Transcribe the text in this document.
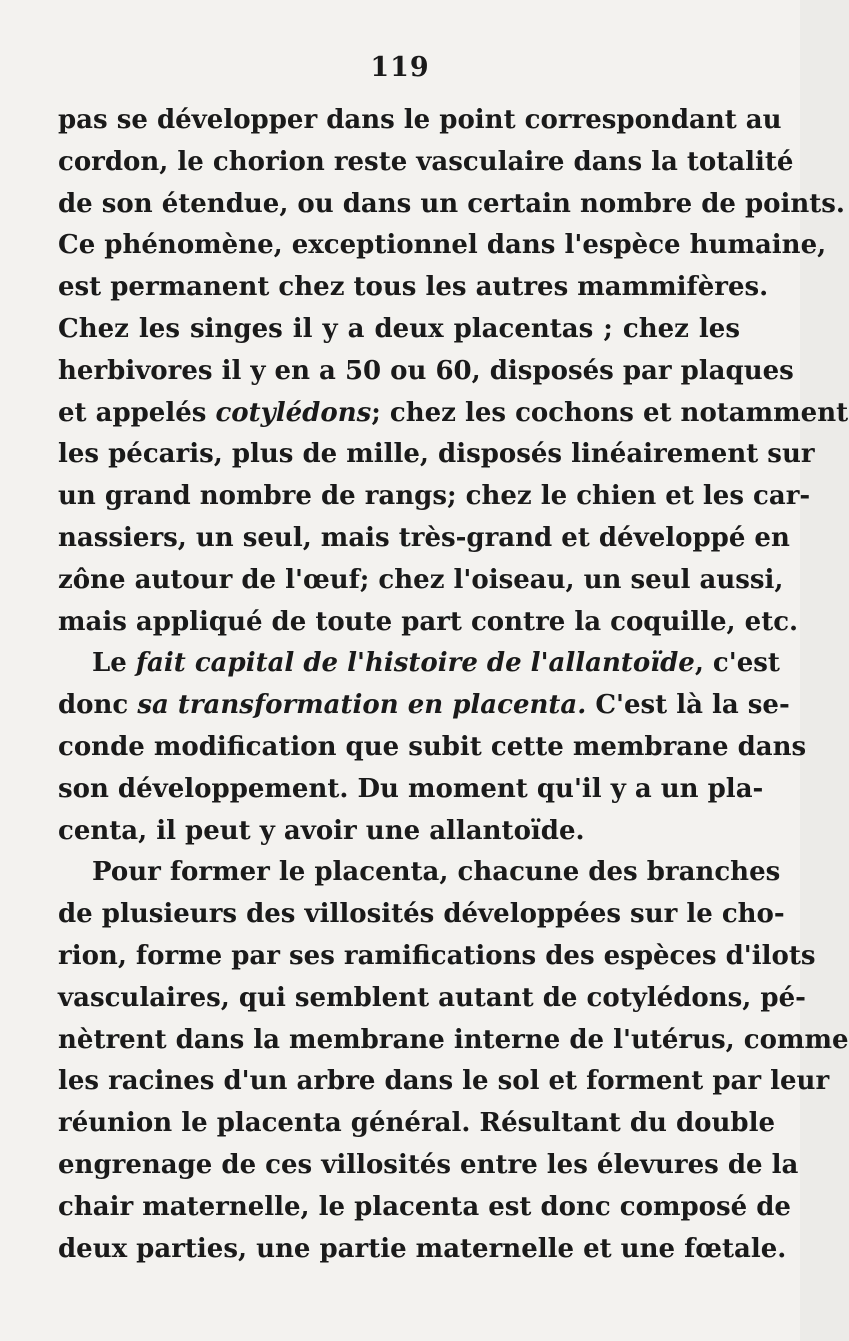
119
pas se développer dans le point correspondant au
cordon, le chorion reste vasculaire dans la totalité
de son étendue, ou dans un certain nombre de points.
Ce phénomène, exceptionnel dans l'espèce humaine,
est permanent chez tous les autres mammifères.
Chez les singes il y a deux placentas ; chez les
herbivores il y en a 50 ou 60, disposés par plaques
et appelés cotylédons; chez les cochons et notamment
les pécaris, plus de mille, disposés linéairement sur
un grand nombre de rangs; chez le chien et les car-
nassiers, un seul, mais très-grand et développé en
zône autour de l'œuf; chez l'oiseau, un seul aussi,
mais appliqué de toute part contre la coquille, etc.
Le fait capital de l'histoire de l'allantoïde, c'est
donc sa transformation en placenta. C'est là la se-
conde modification que subit cette membrane dans
son développement. Du moment qu'il y a un pla-
centa, il peut y avoir une allantoïde.
Pour former le placenta, chacune des branches
de plusieurs des villosités développées sur le cho-
rion, forme par ses ramifications des espèces d'ilots
vasculaires, qui semblent autant de cotylédons, pé-
nètrent dans la membrane interne de l'utérus, comme
les racines d'un arbre dans le sol et forment par leur
réunion le placenta général. Résultant du double
engrenage de ces villosités entre les élevures de la
chair maternelle, le placenta est donc composé de
deux parties, une partie maternelle et une fœtale.
